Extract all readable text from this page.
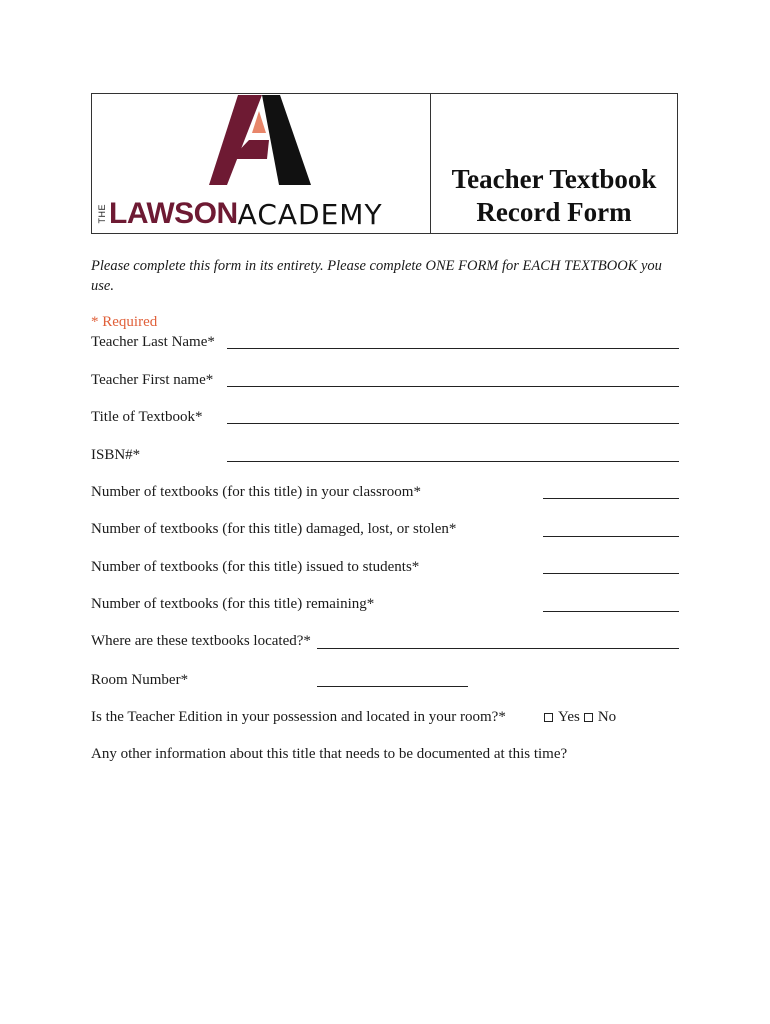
THE LAWSON ACADEMY
Teacher Textbook
Record Form
Please complete this form in its entirety. Please complete ONE FORM for EACH TEXTBOOK you use.
* Required
Teacher Last Name*
Teacher First name*
Title of Textbook*
ISBN#*
Number of textbooks (for this title) in your classroom*
Number of textbooks (for this title) damaged, lost, or stolen*
Number of textbooks (for this title) issued to students*
Number of textbooks (for this title) remaining*
Where are these textbooks located?*
Room Number*
Is the Teacher Edition in your possession and located in your room?*	Yes No
Any other information about this title that needs to be documented at this time?
